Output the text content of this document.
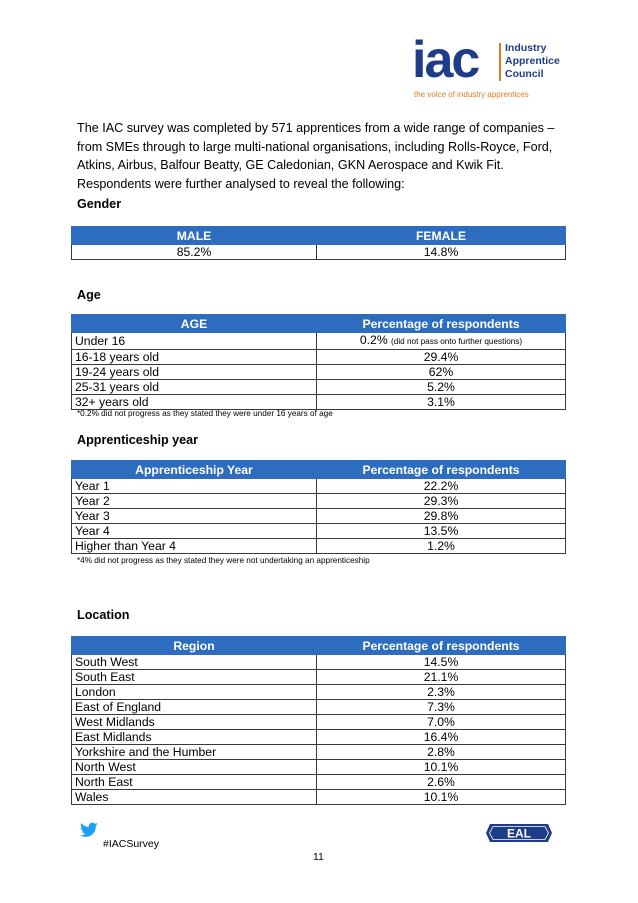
iac	Industry
Apprentice
Council
the voice of industry apprentices

The IAC survey was completed by 571 apprentices from a wide range of companies – from SMEs through to large multi-national organisations, including Rolls-Royce, Ford, Atkins, Airbus, Balfour Beatty, GE Caledonian, GKN Aerospace and Kwik Fit. Respondents were further analysed to reveal the following:

Gender

MALE	FEMALE
85.2%	14.8%

Age

AGE	Percentage of respondents
Under 16	0.2% (did not pass onto further questions)
16-18 years old	29.4%
19-24 years old	62%
25-31 years old	5.2%
32+ years old	3.1%
*0.2% did not progress as they stated they were under 16 years of age

Apprenticeship year

Apprenticeship Year	Percentage of respondents
Year 1	22.2%
Year 2	29.3%
Year 3	29.8%
Year 4	13.5%
Higher than Year 4	1.2%
*4% did not progress as they stated they were not undertaking an apprenticeship

Location

Region	Percentage of respondents
South West	14.5%
South East	21.1%
London	2.3%
East of England	7.3%
West Midlands	7.0%
East Midlands	16.4%
Yorkshire and the Humber	2.8%
North West	10.1%
North East	2.6%
Wales	10.1%
#IACSurvey
11
EAL
